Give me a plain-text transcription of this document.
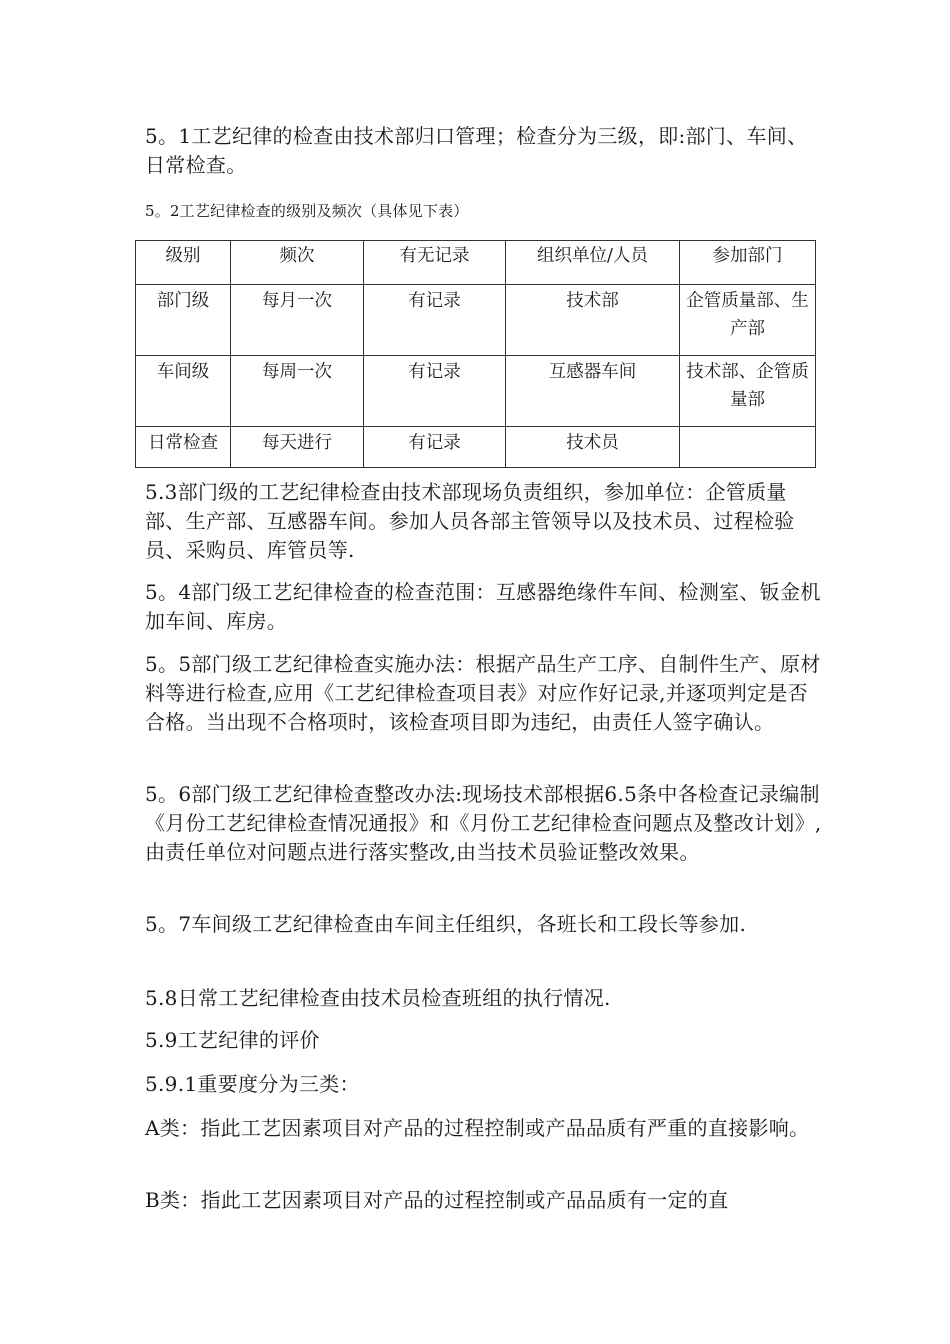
5。1工艺纪律的检查由技术部归口管理；检查分为三级，即:部门、车间、日常检查。
5。2工艺纪律检查的级别及频次（具体见下表）
级别	频次	有无记录	组织单位/人员	参加部门
部门级	每月一次	有记录	技术部	企管质量部、生产部
车间级	每周一次	有记录	互感器车间	技术部、企管质量部
日常检查	每天进行	有记录	技术员	
5.3部门级的工艺纪律检查由技术部现场负责组织，参加单位：企管质量部、生产部、互感器车间。参加人员各部主管领导以及技术员、过程检验员、采购员、库管员等.
5。4部门级工艺纪律检查的检查范围：互感器绝缘件车间、检测室、钣金机加车间、库房。
5。5部门级工艺纪律检查实施办法：根据产品生产工序、自制件生产、原材料等进行检查,应用《工艺纪律检查项目表》对应作好记录,并逐项判定是否合格。当出现不合格项时，该检查项目即为违纪，由责任人签字确认。
5。6部门级工艺纪律检查整改办法:现场技术部根据6.5条中各检查记录编制《月份工艺纪律检查情况通报》和《月份工艺纪律检查问题点及整改计划》,由责任单位对问题点进行落实整改,由当技术员验证整改效果。
5。7车间级工艺纪律检查由车间主任组织，各班长和工段长等参加.
5.8日常工艺纪律检查由技术员检查班组的执行情况.
5.9工艺纪律的评价
5.9.1重要度分为三类：
A类：指此工艺因素项目对产品的过程控制或产品品质有严重的直接影响。
B类：指此工艺因素项目对产品的过程控制或产品品质有一定的直
